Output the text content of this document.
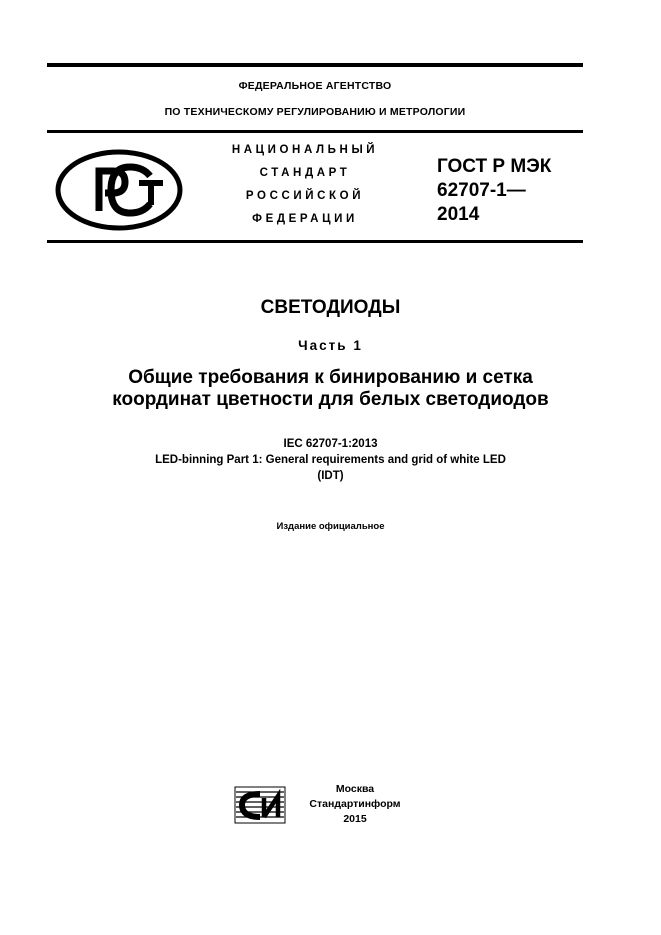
ФЕДЕРАЛЬНОЕ АГЕНТСТВО
ПО ТЕХНИЧЕСКОМУ РЕГУЛИРОВАНИЮ И МЕТРОЛОГИИ
НАЦИОНАЛЬНЫЙ
СТАНДАРТ
РОССИЙСКОЙ
ФЕДЕРАЦИИ
ГОСТ Р МЭК
62707-1—
2014
СВЕТОДИОДЫ
Часть 1
Общие требования к бинированию и сетка координат цветности для белых светодиодов
IEC 62707-1:2013
LED-binning Part 1: General requirements and grid of white LED
(IDT)
Издание официальное
Москва
Стандартинформ
2015
